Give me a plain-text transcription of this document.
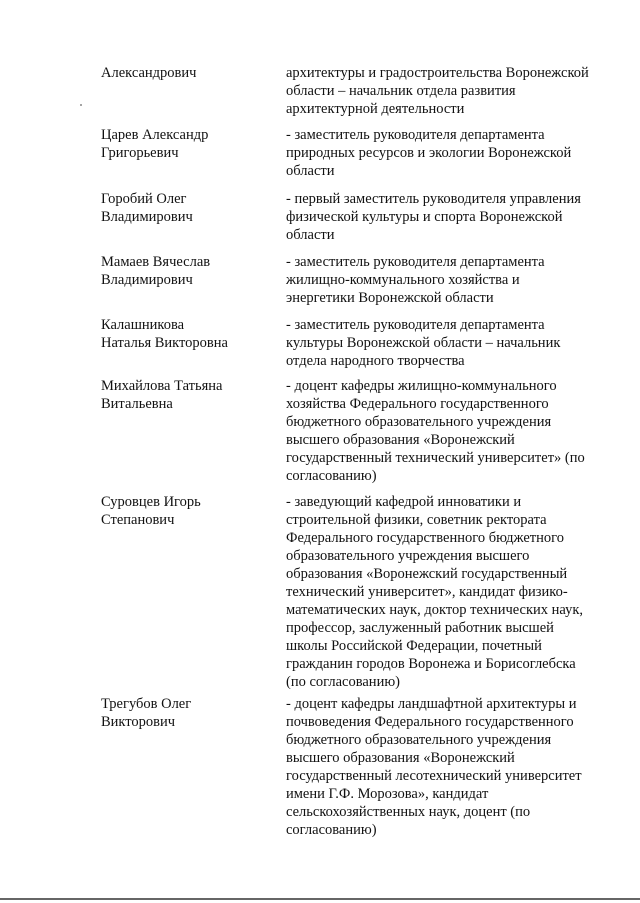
Александрович	архитектуры и градостроительства Воронежской
области – начальник отдела развития
архитектурной деятельности
Царев Александр
Григорьевич
- заместитель руководителя департамента
природных ресурсов и экологии Воронежской
области
Горобий Олег
Владимирович
- первый заместитель руководителя управления
физической культуры и спорта Воронежской
области
Мамаев Вячеслав
Владимирович
- заместитель руководителя департамента
жилищно-коммунального хозяйства и
энергетики Воронежской области
Калашникова
Наталья Викторовна
- заместитель руководителя департамента
культуры Воронежской области – начальник
отдела народного творчества
Михайлова Татьяна
Витальевна
- доцент кафедры жилищно-коммунального
хозяйства Федерального государственного
бюджетного образовательного учреждения
высшего образования «Воронежский
государственный технический университет» (по
согласованию)
Суровцев Игорь
Степанович
- заведующий кафедрой инноватики и
строительной физики, советник ректората
Федерального государственного бюджетного
образовательного учреждения высшего
образования «Воронежский государственный
технический университет», кандидат физико-
математических наук, доктор технических наук,
профессор, заслуженный работник высшей
школы Российской Федерации, почетный
гражданин городов Воронежа и Борисоглебска
(по согласованию)
Трегубов Олег
Викторович
- доцент кафедры ландшафтной архитектуры и
почвоведения Федерального государственного
бюджетного образовательного учреждения
высшего образования «Воронежский
государственный лесотехнический университет
имени Г.Ф. Морозова», кандидат
сельскохозяйственных наук, доцент (по
согласованию)
